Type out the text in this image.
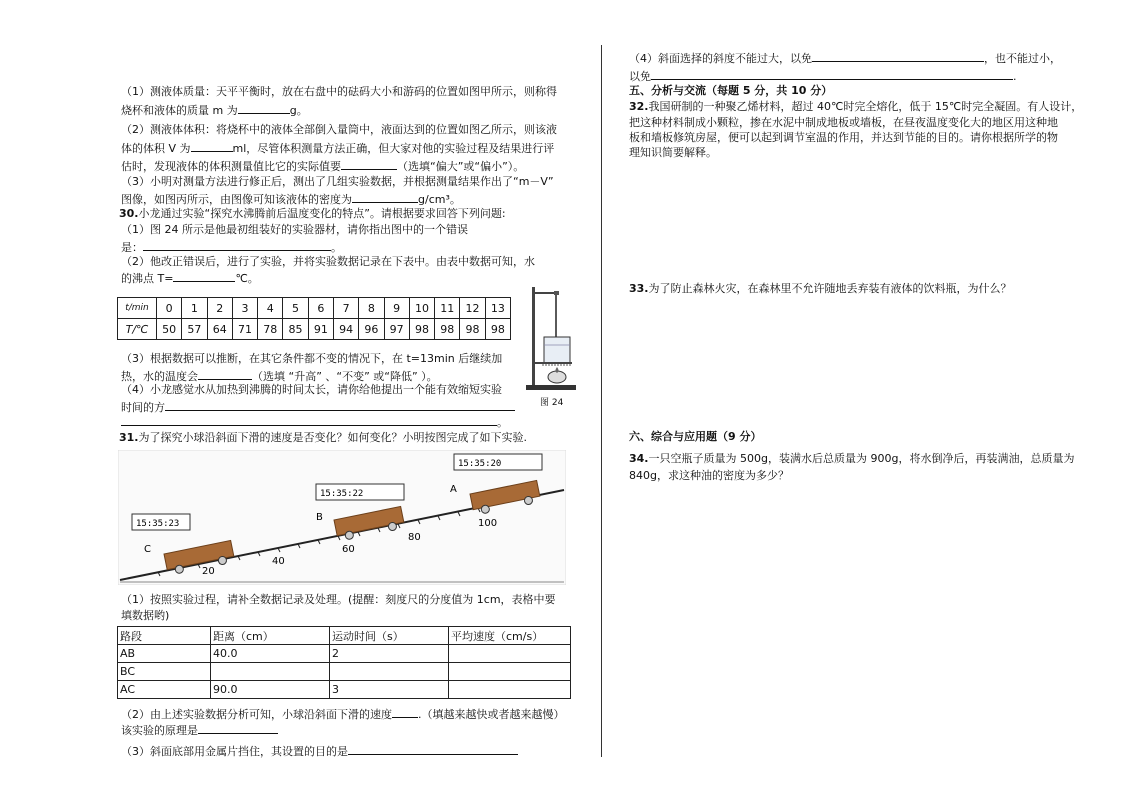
（1）测液体质量：天平平衡时，放在右盘中的砝码大小和游码的位置如图甲所示，则称得
烧杯和液体的质量 m 为	g。
（2）测液体体积：将烧杯中的液体全部倒入量筒中，液面达到的位置如图乙所示，则该液
体的体积 V 为	ml，尽管体积测量方法正确，但大家对他的实验过程及结果进行评
估时，发现液体的体积测量值比它的实际值要	（选填“偏大”或“偏小”）。
（3）小明对测量方法进行修正后，测出了几组实验数据，并根据测量结果作出了“m－V”
图像，如图丙所示，由图像可知该液体的密度为	g/cm³。
30.小龙通过实验“探究水沸腾前后温度变化的特点”。请根据要求回答下列问题:
（1）图 24 所示是他最初组装好的实验器材，请你指出图中的一个错误
是：	。
（2）他改正错误后，进行了实验，并将实验数据记录在下表中。由表中数据可知，水
的沸点 T=	℃。
t/min	0	1	2	3	4	5	6	7	8	9	10	11	12	13
T/℃	50	57	64	71	78	85	91	94	96	97	98	98	98	98
图 24
（3）根据数据可以推断，在其它条件都不变的情况下，在 t=13min 后继续加
热，水的温度会	（选填 “升高” 、“不变” 或“降低” ）。
（4）小龙感觉水从加热到沸腾的时间太长，请你给他提出一个能有效缩短实验
时间的方
。
31.为了探究小球沿斜面下滑的速度是否变化？如何变化？小明按图完成了如下实验.
20
40
60
80
100
C
B
A
15:35:23
15:35:22
15:35:20
（1）按照实验过程，请补全数据记录及处理。(提醒：刻度尺的分度值为 1cm，表格中要
填数据哟)
路段	距离（cm）	运动时间（s）	平均速度（cm/s）
AB	40.0	2	
BC			
AC	90.0	3	
（2）由上述实验数据分析可知，小球沿斜面下滑的速度 .（填越来越快或者越来越慢）
该实验的原理是
（3）斜面底部用金属片挡住，其设置的目的是
（4）斜面选择的斜度不能过大，以免	，也不能过小，
以免	.
五、分析与交流（每题 5 分，共 10 分）
32.我国研制的一种聚乙烯材料，超过 40℃时完全熔化，低于 15℃时完全凝固。有人设计，
把这种材料制成小颗粒，掺在水泥中制成地板或墙板，在昼夜温度变化大的地区用这种地
板和墙板修筑房屋，便可以起到调节室温的作用，并达到节能的目的。请你根据所学的物
理知识简要解释。
33.为了防止森林火灾，在森林里不允许随地丢弃装有液体的饮料瓶，为什么？
六、综合与应用题（9 分）
34.一只空瓶子质量为 500g，装满水后总质量为 900g，将水倒净后，再装满油，总质量为
840g，求这种油的密度为多少？
